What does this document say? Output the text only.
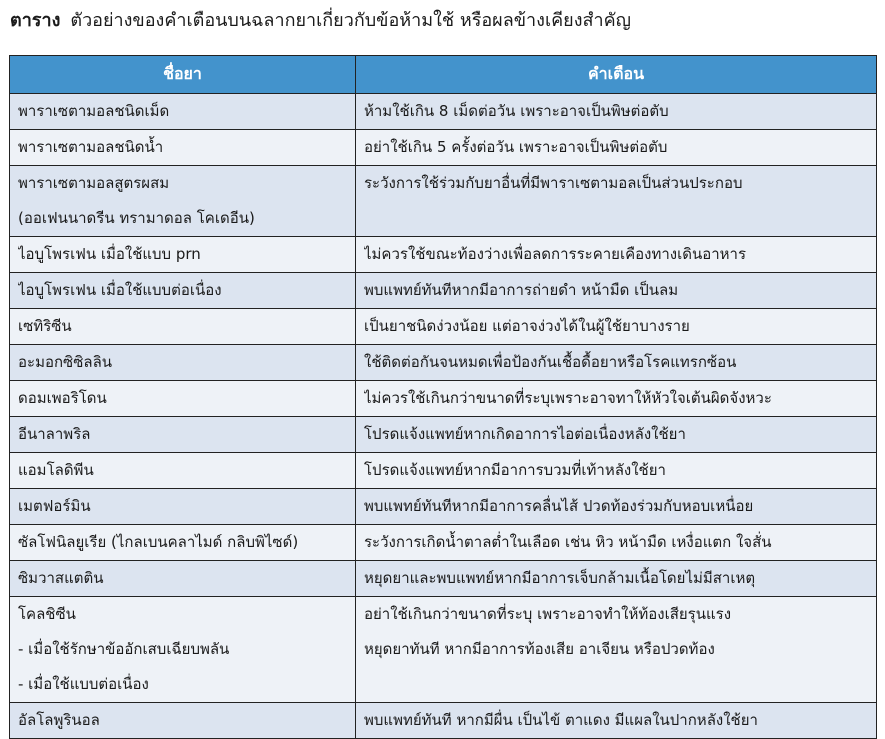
ตาราง ตัวอย่างของคำเตือนบนฉลากยาเกี่ยวกับข้อห้ามใช้ หรือผลข้างเคียงสำคัญ
ชื่อยา	คำเตือน

พาราเซตามอลชนิดเม็ด	ห้ามใช้เกิน 8 เม็ดต่อวัน เพราะอาจเป็นพิษต่อตับ

พาราเซตามอลชนิดน้ำ	อย่าใช้เกิน 5 ครั้งต่อวัน เพราะอาจเป็นพิษต่อตับ

พาราเซตามอลสูตรผสม
(ออเฟนนาดรีน ทรามาดอล โคเดอีน)	ระวังการใช้ร่วมกับยาอื่นที่มีพาราเซตามอลเป็นส่วนประกอบ

ไอบูโพรเฟน เมื่อใช้แบบ prn	ไม่ควรใช้ขณะท้องว่างเพื่อลดการระคายเคืองทางเดินอาหาร

ไอบูโพรเฟน เมื่อใช้แบบต่อเนื่อง	พบแพทย์ทันทีหากมีอาการถ่ายดำ หน้ามืด เป็นลม

เซทิริซีน	เป็นยาชนิดง่วงน้อย แต่อาจง่วงได้ในผู้ใช้ยาบางราย

อะมอกซิซิลลิน	ใช้ติดต่อกันจนหมดเพื่อป้องกันเชื้อดื้อยาหรือโรคแทรกซ้อน

ดอมเพอริโดน	ไม่ควรใช้เกินกว่าขนาดที่ระบุเพราะอาจทาให้หัวใจเต้นผิดจังหวะ

อีนาลาพริล	โปรดแจ้งแพทย์หากเกิดอาการไอต่อเนื่องหลังใช้ยา

แอมโลดิพีน	โปรดแจ้งแพทย์หากมีอาการบวมที่เท้าหลังใช้ยา

เมตฟอร์มิน	พบแพทย์ทันทีหากมีอาการคลื่นไส้ ปวดท้องร่วมกับหอบเหนื่อย

ซัลโฟนิลยูเรีย (ไกลเบนคลาไมด์ กลิบพิไซด์)	ระวังการเกิดน้ำตาลต่ำในเลือด เช่น หิว หน้ามืด เหงื่อแตก ใจสั่น

ซิมวาสแตติน	หยุดยาและพบแพทย์หากมีอาการเจ็บกล้ามเนื้อโดยไม่มีสาเหตุ

โคลชิซีน
- เมื่อใช้รักษาข้ออักเสบเฉียบพลัน
- เมื่อใช้แบบต่อเนื่อง	อย่าใช้เกินกว่าขนาดที่ระบุ เพราะอาจทำให้ท้องเสียรุนแรง
หยุดยาทันที หากมีอาการท้องเสีย อาเจียน หรือปวดท้อง

อัลโลพูรินอล	พบแพทย์ทันที หากมีผื่น เป็นไข้ ตาแดง มีแผลในปากหลังใช้ยา
